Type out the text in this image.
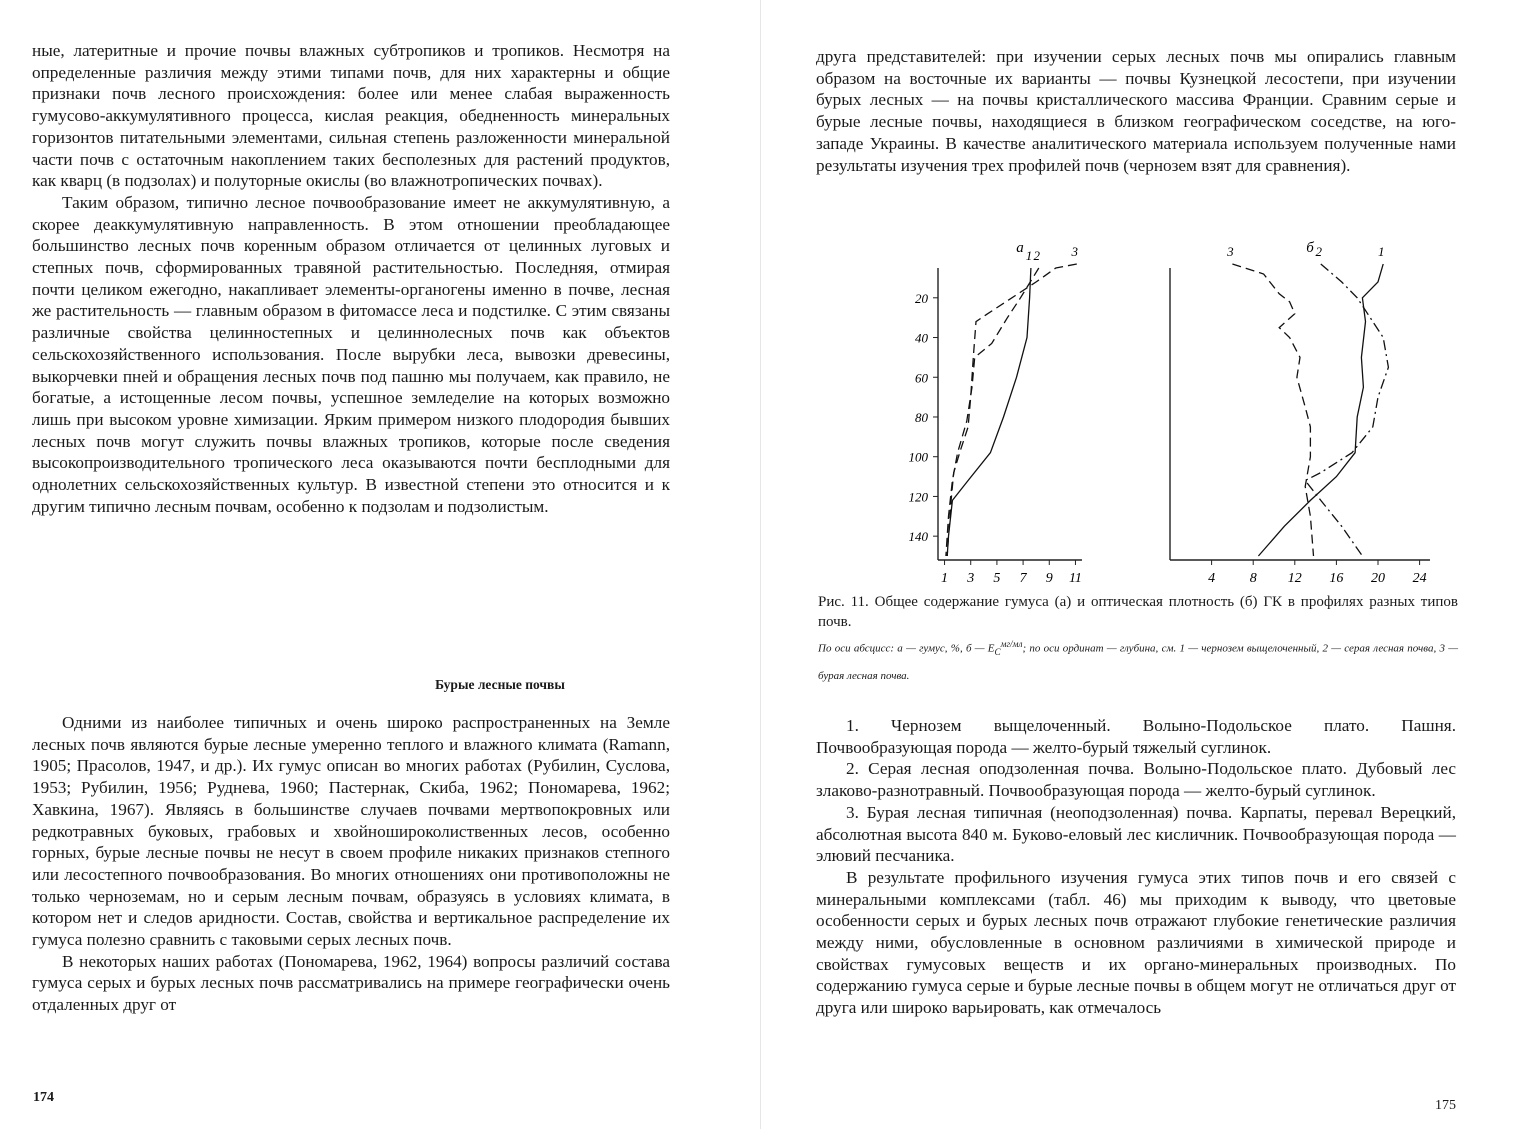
ные, латеритные и прочие почвы влажных субтропиков и тропиков. Несмотря на определенные различия между этими типами почв, для них характерны и общие признаки почв лесного происхождения: более или менее слабая выраженность гумусово-аккумулятивного процесса, кислая реакция, обедненность минеральных горизонтов питательными элементами, сильная степень разложенности минеральной части почв с остаточным накоплением таких бесполезных для растений продуктов, как кварц (в подзолах) и полуторные окислы (во влажнотропических почвах).

Таким образом, типично лесное почвообразование имеет не аккумулятивную, а скорее деаккумулятивную направленность. В этом отношении преобладающее большинство лесных почв коренным образом отличается от целинных луговых и степных почв, сформированных травяной растительностью. Последняя, отмирая почти целиком ежегодно, накапливает элементы-органогены именно в почве, лесная же растительность — главным образом в фитомассе леса и подстилке. С этим связаны различные свойства целинностепных и целиннолесных почв как объектов сельскохозяйственного использования. После вырубки леса, вывозки древесины, выкорчевки пней и обращения лесных почв под пашню мы получаем, как правило, не богатые, а истощенные лесом почвы, успешное земледелие на которых возможно лишь при высоком уровне химизации. Ярким примером низкого плодородия бывших лесных почв могут служить почвы влажных тропиков, которые после сведения высокопроизводительного тропического леса оказываются почти бесплодными для однолетних сельскохозяйственных культур. В известной степени это относится и к другим типично лесным почвам, особенно к подзолам и подзолистым.

Бурые лесные почвы

Одними из наиболее типичных и очень широко распространенных на Земле лесных почв являются бурые лесные умеренно теплого и влажного климата (Ramann, 1905; Прасолов, 1947, и др.). Их гумус описан во многих работах (Рубилин, Суслова, 1953; Рубилин, 1956; Руднева, 1960; Пастернак, Скиба, 1962; Пономарева, 1962; Хавкина, 1967). Являясь в большинстве случаев почвами мертвопокровных или редкотравных буковых, грабовых и хвойношироколиственных лесов, особенно горных, бурые лесные почвы не несут в своем профиле никаких признаков степного или лесостепного почвообразования. Во многих отношениях они противоположны не только черноземам, но и серым лесным почвам, образуясь в условиях климата, в котором нет и следов аридности. Состав, свойства и вертикальное распределение их гумуса полезно сравнить с таковыми серых лесных почв.

В некоторых наших работах (Пономарева, 1962, 1964) вопросы различий состава гумуса серых и бурых лесных почв рассматривались на примере географически очень отдаленных друг от

174

друга представителей: при изучении серых лесных почв мы опирались главным образом на восточные их варианты — почвы Кузнецкой лесостепи, при изучении бурых лесных — на почвы кристаллического массива Франции. Сравним серые и бурые лесные почвы, находящиеся в близком географическом соседстве, на юго-западе Украины. В качестве аналитического материала используем полученные нами результаты изучения трех профилей почв (чернозем взят для сравнения).

а
1 3 5 7 9 11
20
40
60
80
100
120
140
1 2 3	б
4 8 12 16 20 24
1
2
3

Рис. 11. Общее содержание гумуса (а) и оптическая плотность (б) ГК в профилях разных типов почв.

По оси абсцисс: а — гумус, %, б — $E_C^{мг/мл}$; по оси ординат — глубина, см. 1 — чернозем выщелоченный, 2 — серая лесная почва, 3 — бурая лесная почва.

1. Чернозем выщелоченный. Волыно-Подольское плато. Пашня. Почвообразующая порода — желто-бурый тяжелый суглинок.

2. Серая лесная оподзоленная почва. Волыно-Подольское плато. Дубовый лес злаково-разнотравный. Почвообразующая порода — желто-бурый суглинок.

3. Бурая лесная типичная (неоподзоленная) почва. Карпаты, перевал Верецкий, абсолютная высота 840 м. Буково-еловый лес кисличник. Почвообразующая порода — элювий песчаника.

В результате профильного изучения гумуса этих типов почв и его связей с минеральными комплексами (табл. 46) мы приходим к выводу, что цветовые особенности серых и бурых лесных почв отражают глубокие генетические различия между ними, обусловленные в основном различиями в химической природе и свойствах гумусовых веществ и их органо-минеральных производных. По содержанию гумуса серые и бурые лесные почвы в общем могут не отличаться друг от друга или широко варьировать, как отмечалось

175
